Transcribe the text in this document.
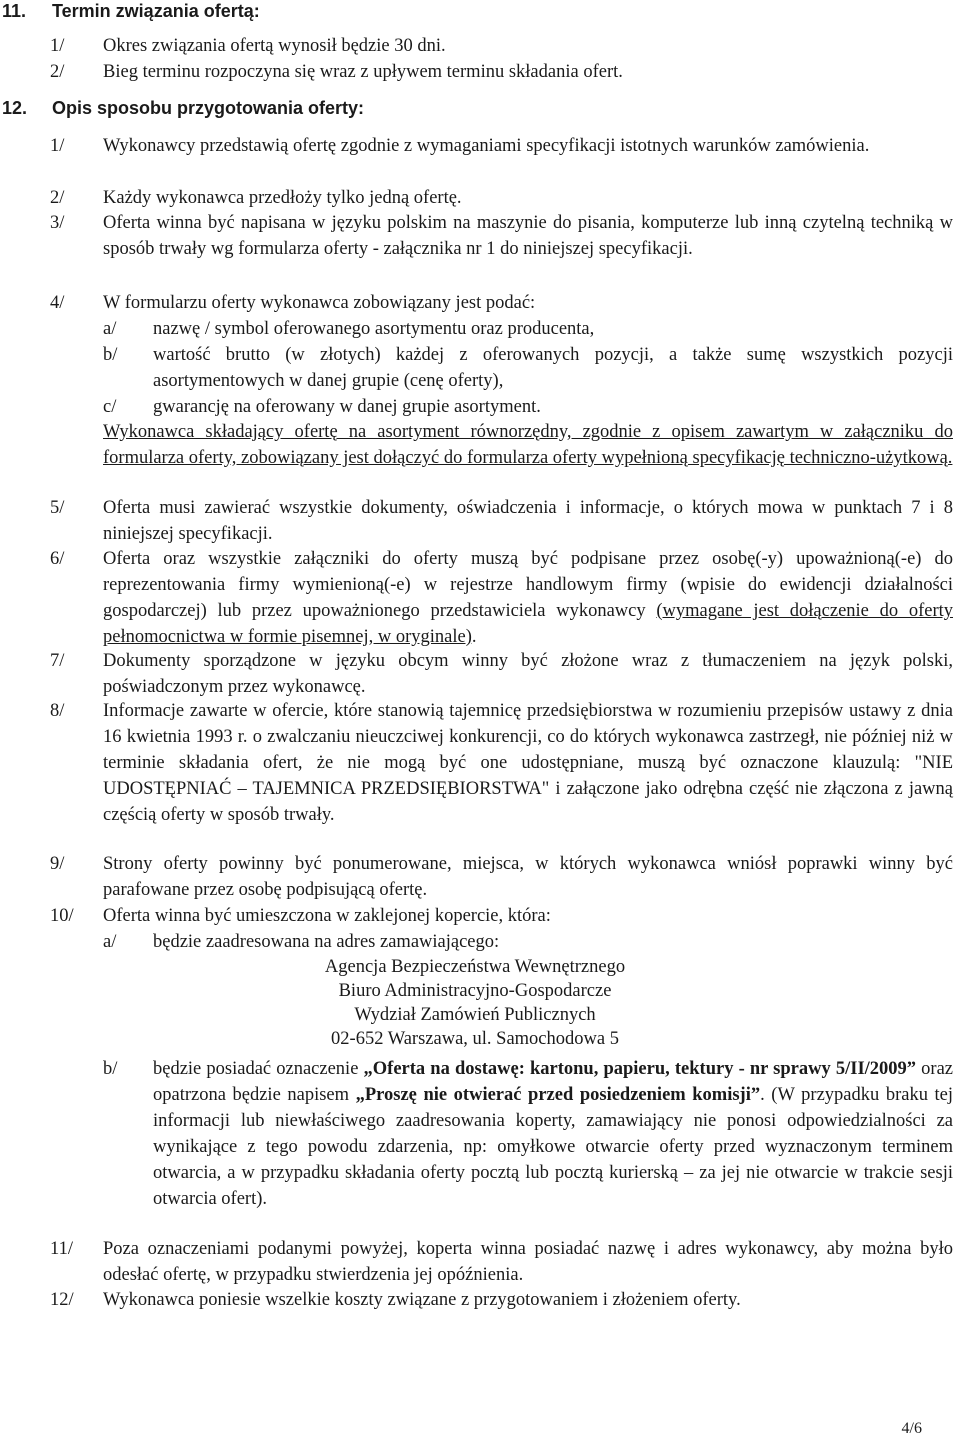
11. Termin związania ofertą:
1/	Okres związania ofertą wynosił będzie 30 dni.
2/	Bieg terminu rozpoczyna się wraz z upływem terminu składania ofert.
12. Opis sposobu przygotowania oferty:
1/ Wykonawcy przedstawią ofertę zgodnie z wymaganiami specyfikacji istotnych warunków zamówienia.
2/ Każdy wykonawca przedłoży tylko jedną ofertę.
3/ Oferta winna być napisana w języku polskim na maszynie do pisania, komputerze lub inną czytelną techniką w sposób trwały wg formularza oferty - załącznika nr 1 do niniejszej specyfikacji.
4/ W formularzu oferty wykonawca zobowiązany jest podać:
a/ nazwę / symbol oferowanego asortymentu oraz producenta,
b/ wartość brutto (w złotych) każdej z oferowanych pozycji, a także sumę wszystkich pozycji asortymentowych w danej grupie (cenę oferty),
c/ gwarancję na oferowany w danej grupie asortyment.
Wykonawca składający ofertę na asortyment równorzędny, zgodnie z opisem zawartym w załączniku do formularza oferty, zobowiązany jest dołączyć do formularza oferty wypełnioną specyfikację techniczno-użytkową.
5/ Oferta musi zawierać wszystkie dokumenty, oświadczenia i informacje, o których mowa w punktach 7 i 8 niniejszej specyfikacji.
6/ Oferta oraz wszystkie załączniki do oferty muszą być podpisane przez osobę(-y) upoważnioną(-e) do reprezentowania firmy wymienioną(-e) w rejestrze handlowym firmy (wpisie do ewidencji działalności gospodarczej) lub przez upoważnionego przedstawiciela wykonawcy (wymagane jest dołączenie do oferty pełnomocnictwa w formie pisemnej, w oryginale).
7/ Dokumenty sporządzone w języku obcym winny być złożone wraz z tłumaczeniem na język polski, poświadczonym przez wykonawcę.
8/ Informacje zawarte w ofercie, które stanowią tajemnicę przedsiębiorstwa w rozumieniu przepisów ustawy z dnia 16 kwietnia 1993 r. o zwalczaniu nieuczciwej konkurencji, co do których wykonawca zastrzegł, nie później niż w terminie składania ofert, że nie mogą być one udostępniane, muszą być oznaczone klauzulą: "NIE UDOSTĘPNIAĆ – TAJEMNICA PRZEDSIĘBIORSTWA" i załączone jako odrębna część nie złączona z jawną częścią oferty w sposób trwały.
9/ Strony oferty powinny być ponumerowane, miejsca, w których wykonawca wniósł poprawki winny być parafowane przez osobę podpisującą ofertę.
10/ Oferta winna być umieszczona w zaklejonej kopercie, która:
a/ będzie zaadresowana na adres zamawiającego:
Agencja Bezpieczeństwa Wewnętrznego
Biuro Administracyjno-Gospodarcze
Wydział Zamówień Publicznych
02-652 Warszawa, ul. Samochodowa 5
b/ będzie posiadać oznaczenie „Oferta na dostawę: kartonu, papieru, tektury - nr sprawy 5/II/2009” oraz opatrzona będzie napisem „Proszę nie otwierać przed posiedzeniem komisji”. (W przypadku braku tej informacji lub niewłaściwego zaadresowania koperty, zamawiający nie ponosi odpowiedzialności za wynikające z tego powodu zdarzenia, np: omyłkowe otwarcie oferty przed wyznaczonym terminem otwarcia, a w przypadku składania oferty pocztą lub pocztą kurierską – za jej nie otwarcie w trakcie sesji otwarcia ofert).
11/ Poza oznaczeniami podanymi powyżej, koperta winna posiadać nazwę i adres wykonawcy, aby można było odesłać ofertę, w przypadku stwierdzenia jej opóźnienia.
12/ Wykonawca poniesie wszelkie koszty związane z przygotowaniem i złożeniem oferty.
4/6
